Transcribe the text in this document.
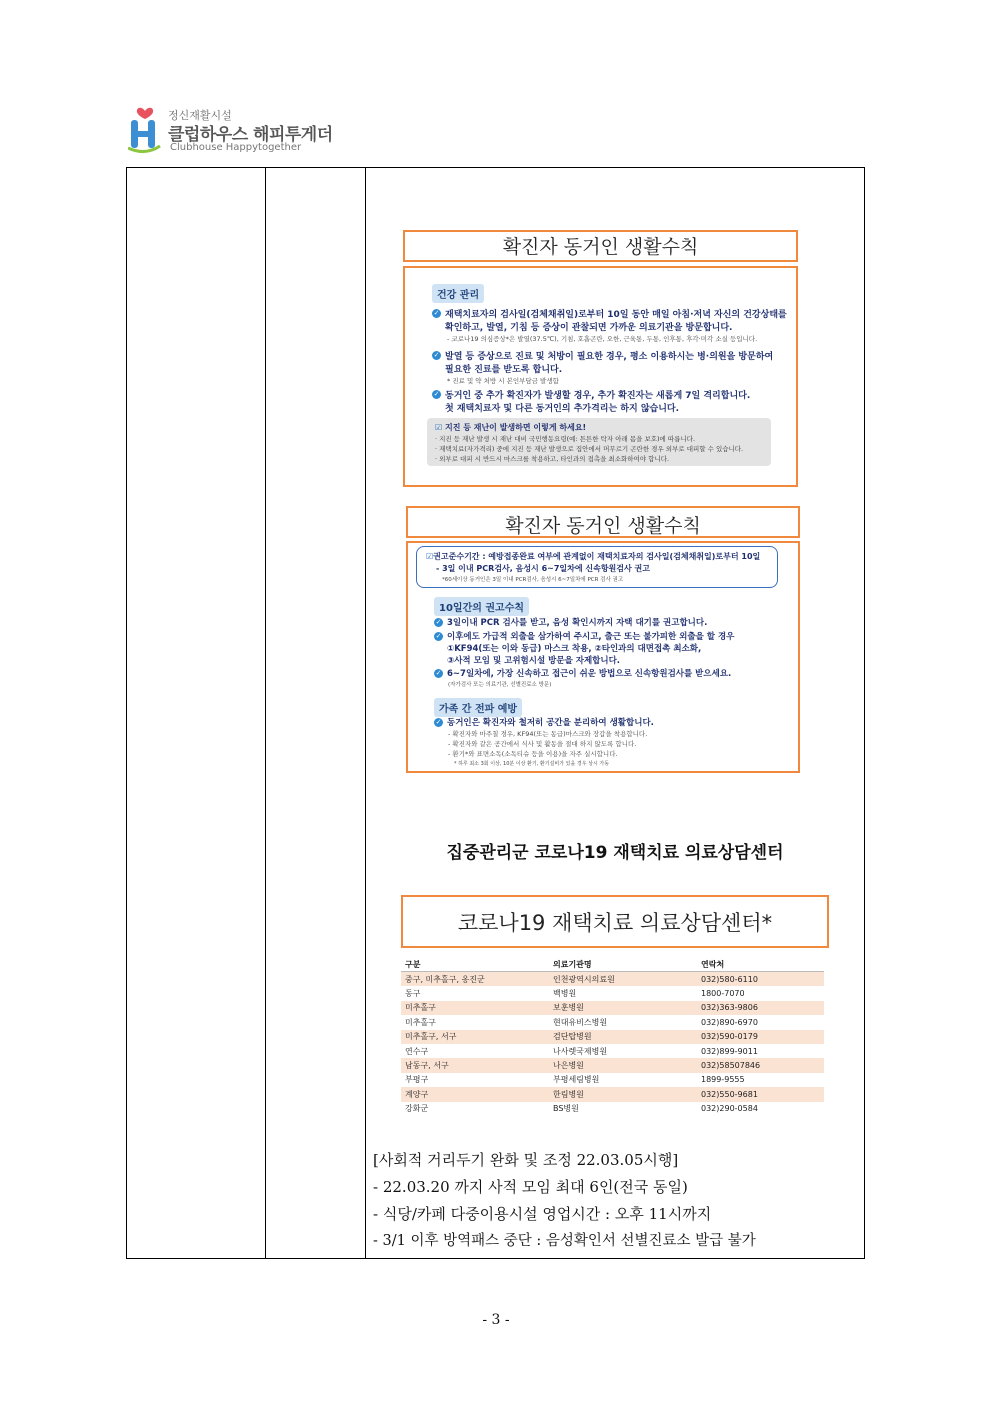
정신재활시설
클럽하우스 해피투게더
Clubhouse Happytogether
확진자 동거인 생활수칙
건강 관리
✓ 재택치료자의 검사일(검체채취일)로부터 10일 동안 매일 아침·저녁 자신의 건강상태를
확인하고, 발열, 기침 등 증상이 관찰되면 가까운 의료기관을 방문합니다.
- 코로나19 의심증상*은 발열(37.5℃), 기침, 호흡곤란, 오한, 근육통, 두통, 인후통, 후각·미각 소실 등입니다.
✓ 발열 등 증상으로 진료 및 처방이 필요한 경우, 평소 이용하시는 병·의원을 방문하여
필요한 진료를 받도록 합니다.
* 진료 및 약 처방 시 본인부담금 발생함
✓ 동거인 중 추가 확진자가 발생할 경우, 추가 확진자는 새롭게 7일 격리합니다.
첫 재택치료자 및 다른 동거인의 추가격리는 하지 않습니다.
☑ 지진 등 재난이 발생하면 이렇게 하세요!
· 지진 등 재난 발생 시 재난 대비 국민행동요령(예: 튼튼한 탁자 아래 몸을 보호)에 따릅니다.
· 재택치료(자가격리) 중에 지진 등 재난 발생으로 집안에서 머무르기 곤란한 경우 외부로 대피할 수 있습니다.
· 외부로 대피 시 반드시 마스크를 착용하고, 타인과의 접촉을 최소화하여야 합니다.
확진자 동거인 생활수칙
☑권고준수기간 : 예방접종완료 여부에 관계없이 재택치료자의 검사일(검체채취일)로부터 10일
- 3일 이내 PCR검사, 음성시 6~7일차에 신속항원검사 권고
*60세이상 동거인은 3일 이내 PCR검사, 음성시 6~7일차에 PCR 검사 권고
10일간의 권고수칙
✓ 3일이내 PCR 검사를 받고, 음성 확인시까지 자택 대기를 권고합니다.
✓ 이후에도 가급적 외출을 삼가하여 주시고, 출근 또는 불가피한 외출을 할 경우
①KF94(또는 이와 동급) 마스크 착용, ②타인과의 대면접촉 최소화,
③사적 모임 및 고위험시설 방문을 자제합니다.
✓ 6~7일차에, 가장 신속하고 접근이 쉬운 방법으로 신속항원검사를 받으세요.
(자가검사 또는 의료기관, 선별진료소 방문)
가족 간 전파 예방
✓ 동거인은 확진자와 철저히 공간을 분리하여 생활합니다.
- 확진자와 마주칠 경우, KF94(또는 동급)마스크와 장갑을 착용합니다.
- 확진자와 같은 공간에서 식사 및 활동을 절대 하지 않도록 합니다.
- 환기*와 표면소독(소독티슈 등을 이용)을 자주 실시합니다.
* 하루 최소 3회 이상, 10분 이상 환기, 환기설비가 있을 경우 상시 가동
집중관리군 코로나19 재택치료 의료상담센터
코로나19 재택치료 의료상담센터*
구분	의료기관명	연락처
중구, 미추홀구, 옹진군	인천광역시의료원	032)580-6110
동구	백병원	1800-7070
미추홀구	보훈병원	032)363-9806
미추홀구	현대유비스병원	032)890-6970
미추홀구, 서구	검단탑병원	032)590-0179
연수구	나사렛국제병원	032)899-9011
남동구, 서구	나은병원	032)58507846
부평구	부평세림병원	1899-9555
계양구	한림병원	032)550-9681
강화군	BS병원	032)290-0584
[사회적 거리두기 완화 및 조정 22.03.05시행]
- 22.03.20 까지 사적 모임 최대 6인(전국 동일)
- 식당/카페 다중이용시설 영업시간 : 오후 11시까지
- 3/1 이후 방역패스 중단 : 음성확인서 선별진료소 발급 불가
- 3 -
